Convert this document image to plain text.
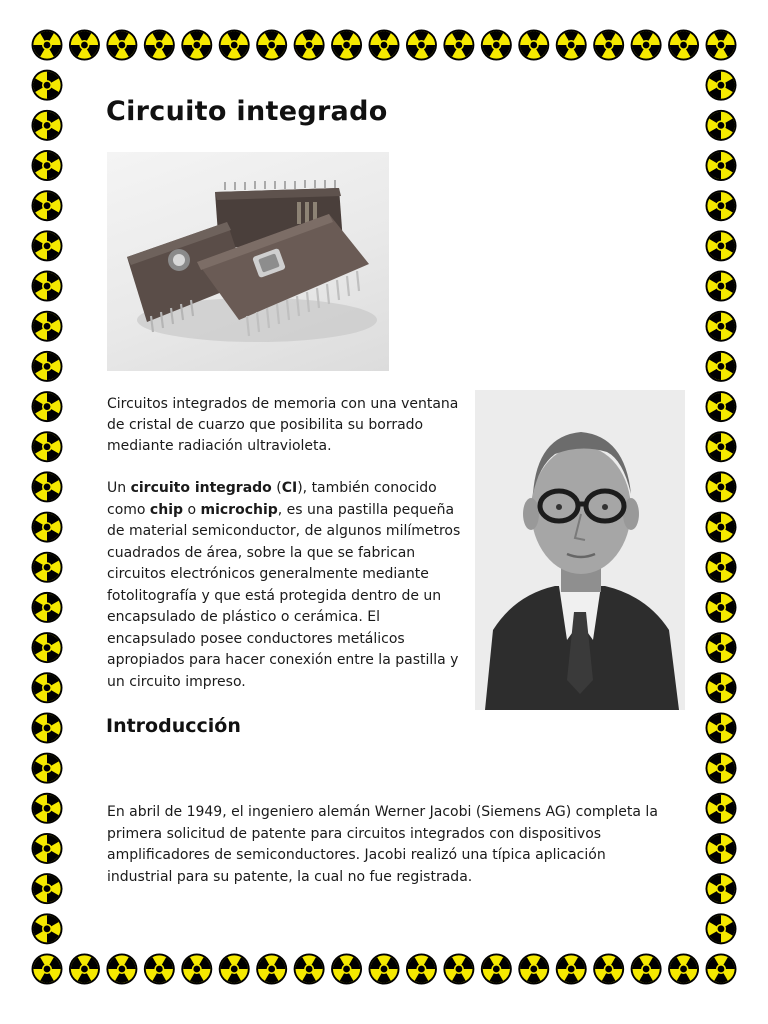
Circuito integrado

Circuitos integrados de memoria con una ventana de cristal de cuarzo que posibilita su borrado mediante radiación ultravioleta.

Un circuito integrado (CI), también conocido como chip o microchip, es una pastilla pequeña de material semiconductor, de algunos milímetros cuadrados de área, sobre la que se fabrican circuitos electrónicos generalmente mediante fotolitografía y que está protegida dentro de un encapsulado de plástico o cerámica. El encapsulado posee conductores metálicos apropiados para hacer conexión entre la pastilla y un circuito impreso.

Introducción

En abril de 1949, el ingeniero alemán Werner Jacobi (Siemens AG) completa la primera solicitud de patente para circuitos integrados con dispositivos amplificadores de semiconductores. Jacobi realizó una típica aplicación industrial para su patente, la cual no fue registrada.
